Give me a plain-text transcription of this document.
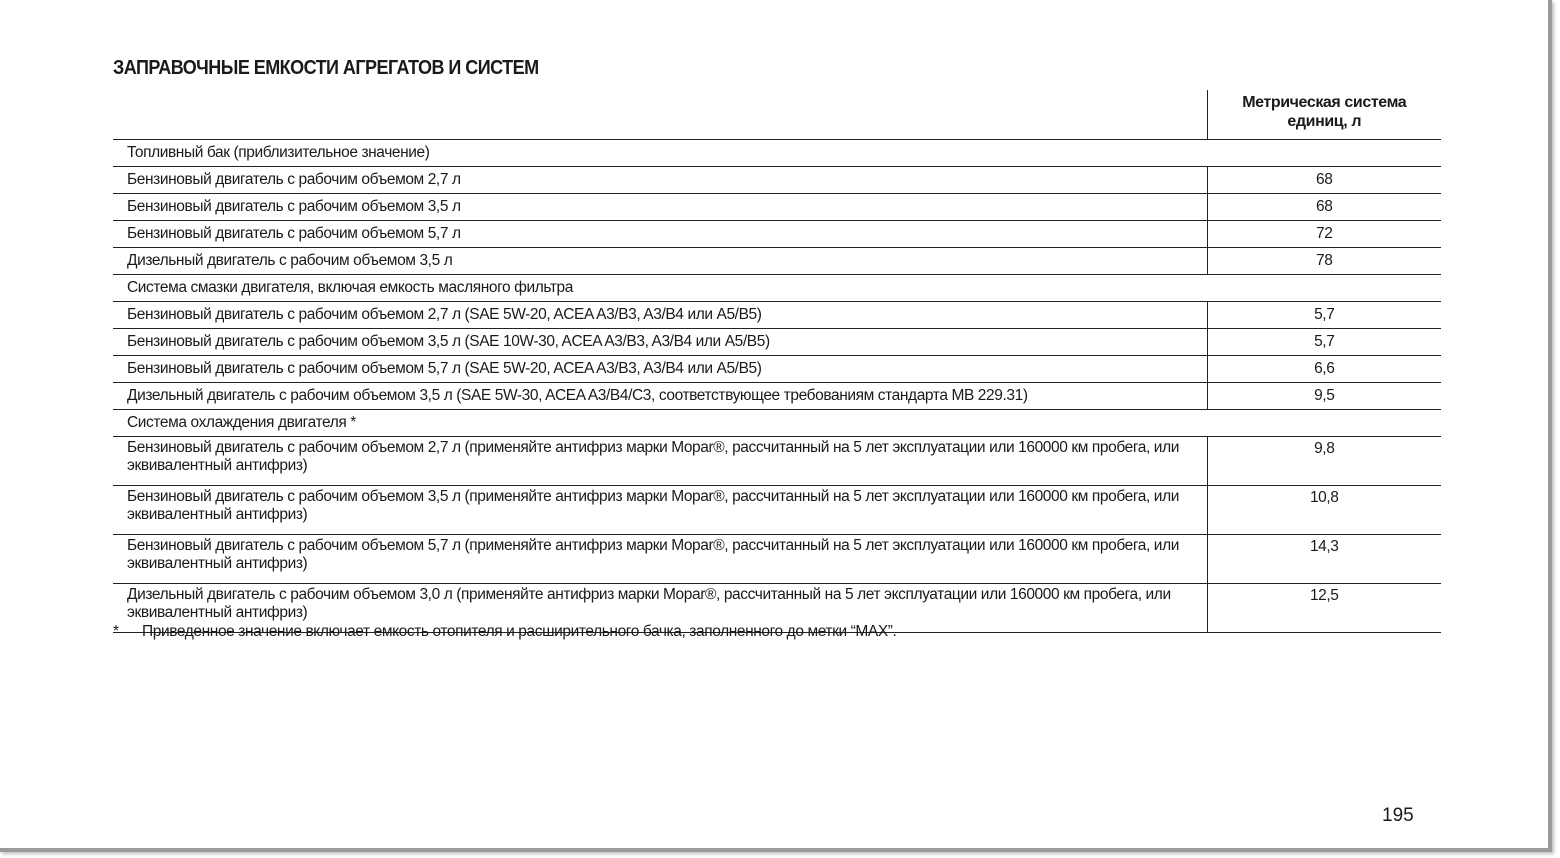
ЗАПРАВОЧНЫЕ ЕМКОСТИ АГРЕГАТОВ И СИСТЕМ

	Метрическая система
единиц, л

Топливный бак (приблизительное значение)	
Бензиновый двигатель с рабочим объемом 2,7 л	68
Бензиновый двигатель с рабочим объемом 3,5 л	68
Бензиновый двигатель с рабочим объемом 5,7 л	72
Дизельный двигатель с рабочим объемом 3,5 л	78
Система смазки двигателя, включая емкость масляного фильтра	
Бензиновый двигатель с рабочим объемом 2,7 л (SAE 5W-20, ACEA A3/B3, A3/B4 или A5/B5)	5,7
Бензиновый двигатель с рабочим объемом 3,5 л (SAE 10W-30, ACEA A3/B3, A3/B4 или A5/B5)	5,7
Бензиновый двигатель с рабочим объемом 5,7 л (SAE 5W-20, ACEA A3/B3, A3/B4 или A5/B5)	6,6
Дизельный двигатель с рабочим объемом 3,5 л (SAE 5W-30, ACEA A3/B4/C3, соответствующее требованиям стандарта MB 229.31)	9,5
Система охлаждения двигателя *	
Бензиновый двигатель с рабочим объемом 2,7 л (применяйте антифриз марки Mopar®, рассчитанный на 5 лет эксплуатации или 160000 км пробега, или эквивалентный антифриз)	9,8
Бензиновый двигатель с рабочим объемом 3,5 л (применяйте антифриз марки Mopar®, рассчитанный на 5 лет эксплуатации или 160000 км пробега, или эквивалентный антифриз)	10,8
Бензиновый двигатель с рабочим объемом 5,7 л (применяйте антифриз марки Mopar®, рассчитанный на 5 лет эксплуатации или 160000 км пробега, или эквивалентный антифриз)	14,3
Дизельный двигатель с рабочим объемом 3,0 л (применяйте антифриз марки Mopar®, рассчитанный на 5 лет эксплуатации или 160000 км пробега, или эквивалентный антифриз)	12,5
* Приведенное значение включает емкость отопителя и расширительного бачка, заполненного до метки “MAX”.
195
